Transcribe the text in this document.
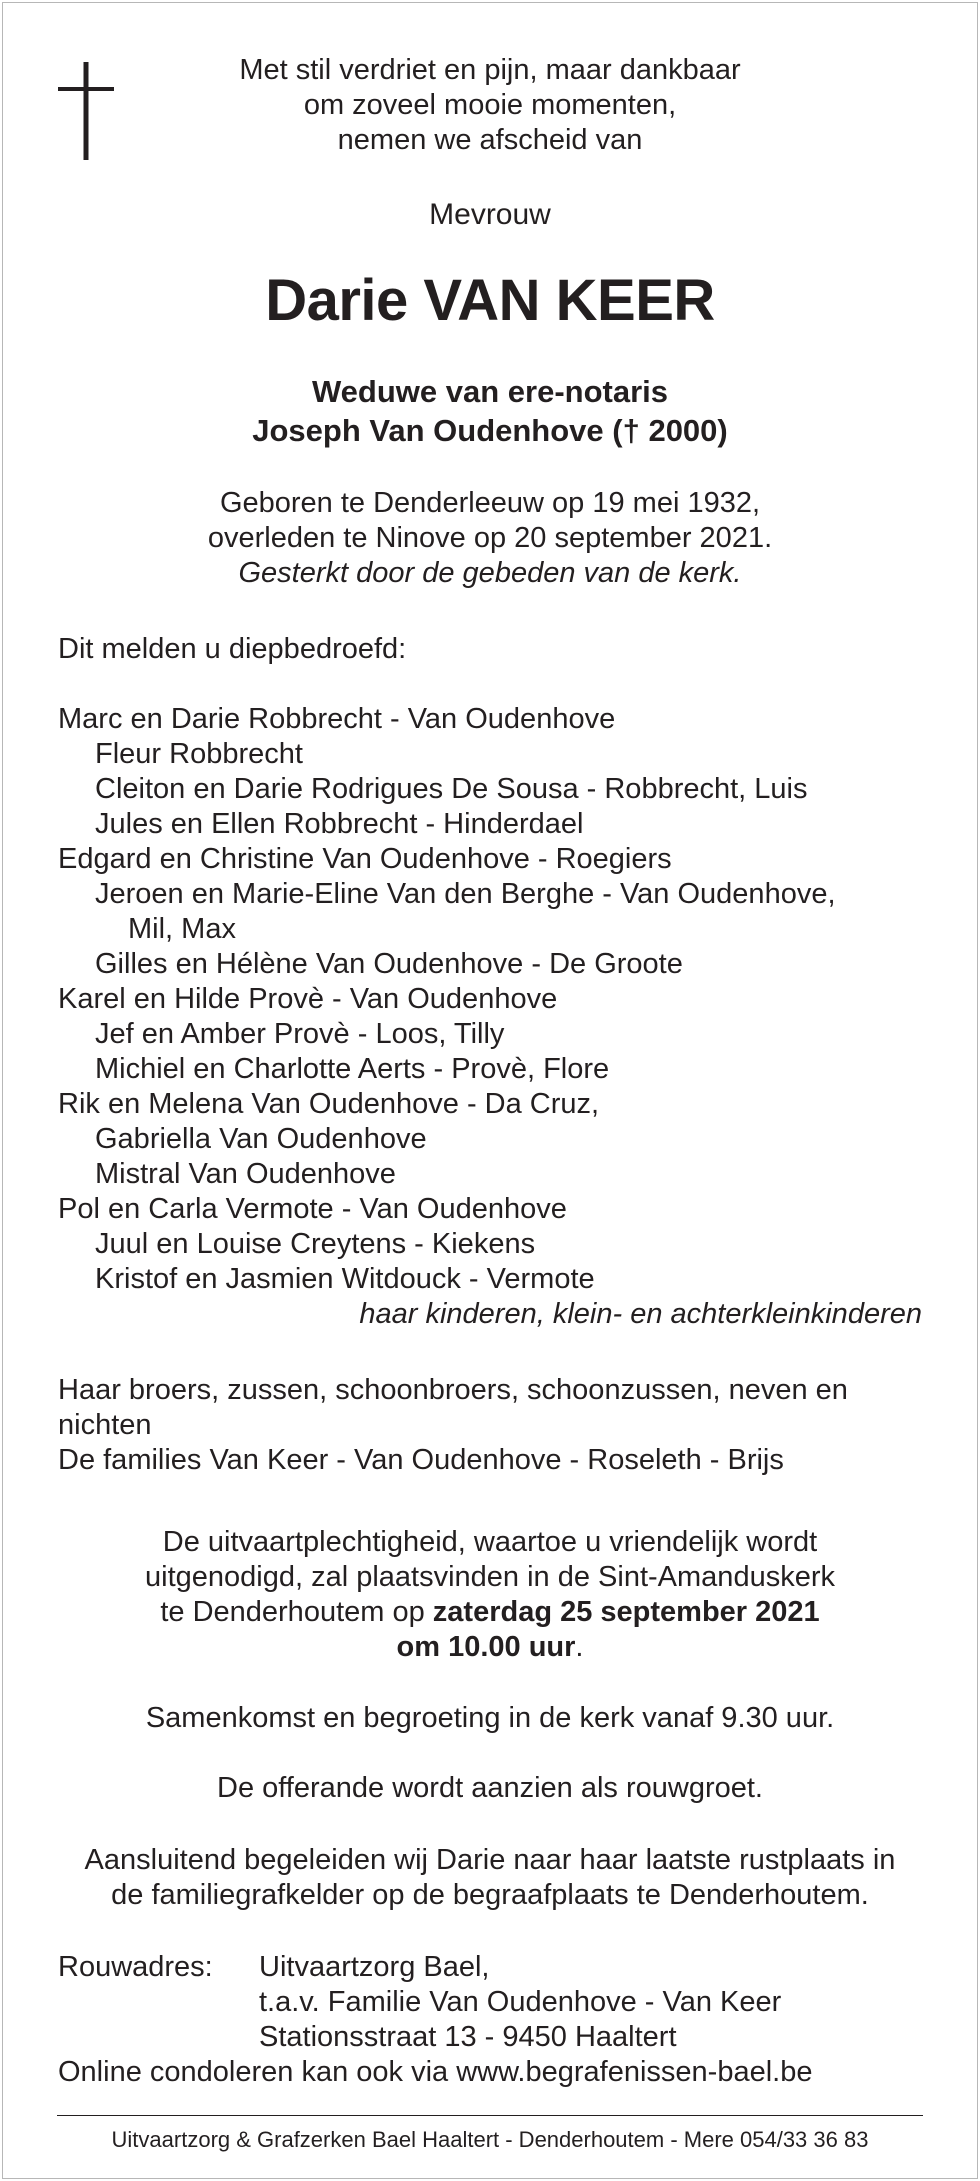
Met stil verdriet en pijn, maar dankbaar
om zoveel mooie momenten,
nemen we afscheid van
Mevrouw
Darie VAN KEER
Weduwe van ere-notaris
Joseph Van Oudenhove († 2000)
Geboren te Denderleeuw op 19 mei 1932,
overleden te Ninove op 20 september 2021.
Gesterkt door de gebeden van de kerk.
Dit melden u diepbedroefd:
Marc en Darie Robbrecht - Van Oudenhove
Fleur Robbrecht
Cleiton en Darie Rodrigues De Sousa - Robbrecht, Luis
Jules en Ellen Robbrecht - Hinderdael
Edgard en Christine Van Oudenhove - Roegiers
Jeroen en Marie-Eline Van den Berghe - Van Oudenhove,
Mil, Max
Gilles en Hélène Van Oudenhove - De Groote
Karel en Hilde Provè - Van Oudenhove
Jef en Amber Provè - Loos, Tilly
Michiel en Charlotte Aerts - Provè, Flore
Rik en Melena Van Oudenhove - Da Cruz,
Gabriella Van Oudenhove
Mistral Van Oudenhove
Pol en Carla Vermote - Van Oudenhove
Juul en Louise Creytens - Kiekens
Kristof en Jasmien Witdouck - Vermote
haar kinderen, klein- en achterkleinkinderen
Haar broers, zussen, schoonbroers, schoonzussen, neven en
nichten
De families Van Keer - Van Oudenhove - Roseleth - Brijs
De uitvaartplechtigheid, waartoe u vriendelijk wordt
uitgenodigd, zal plaatsvinden in de Sint-Amanduskerk
te Denderhoutem op zaterdag 25 september 2021
om 10.00 uur.
Samenkomst en begroeting in de kerk vanaf 9.30 uur.
De offerande wordt aanzien als rouwgroet.
Aansluitend begeleiden wij Darie naar haar laatste rustplaats in
de familiegrafkelder op de begraafplaats te Denderhoutem.
Rouwadres:	Uitvaartzorg Bael,
t.a.v. Familie Van Oudenhove - Van Keer
Stationsstraat 13 - 9450 Haaltert
Online condoleren kan ook via www.begrafenissen-bael.be
Uitvaartzorg & Grafzerken Bael Haaltert - Denderhoutem - Mere 054/33 36 83
